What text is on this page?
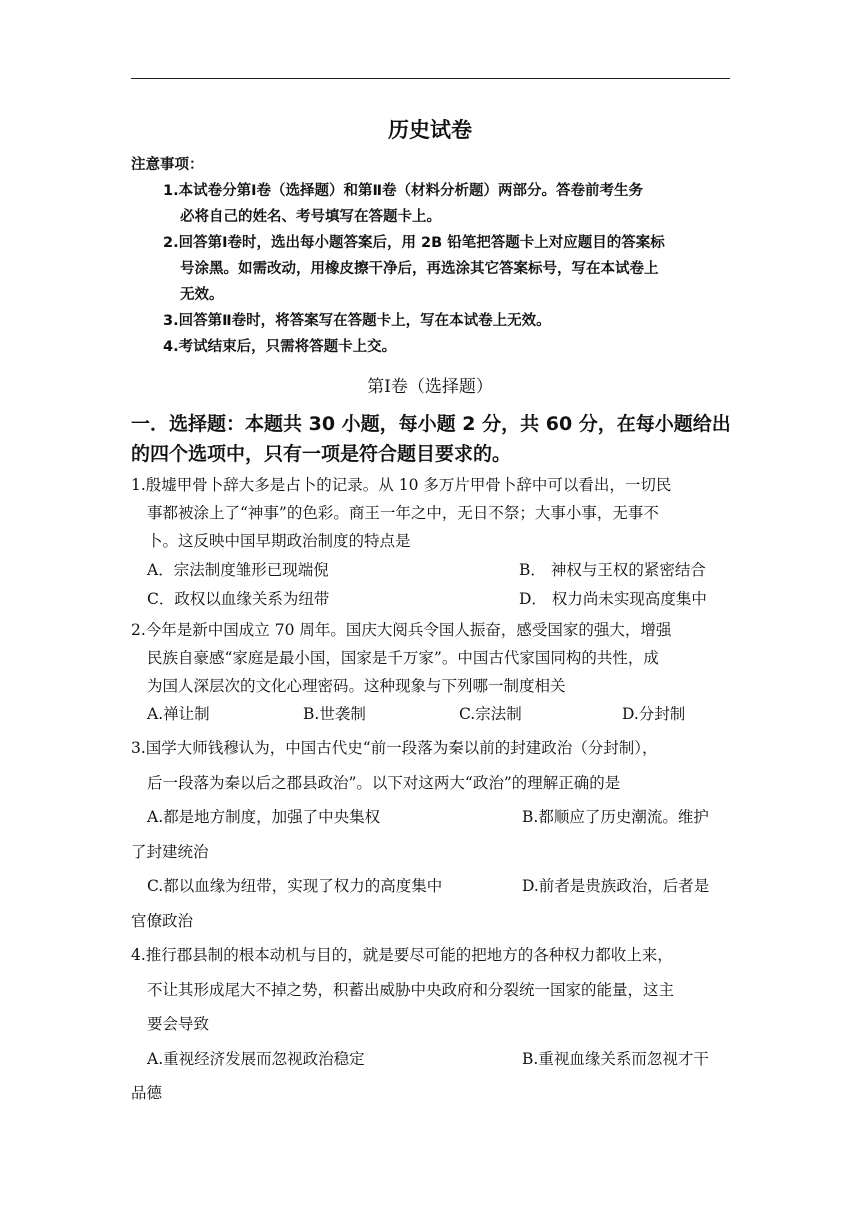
历史试卷
注意事项：
1.本试卷分第Ⅰ卷（选择题）和第Ⅱ卷（材料分析题）两部分。答卷前考生务
必将自己的姓名、考号填写在答题卡上。
2.回答第Ⅰ卷时，选出每小题答案后，用 2B 铅笔把答题卡上对应题目的答案标
号涂黑。如需改动，用橡皮擦干净后，再选涂其它答案标号，写在本试卷上
无效。
3.回答第Ⅱ卷时，将答案写在答题卡上，写在本试卷上无效。
4.考试结束后，只需将答题卡上交。
第Ⅰ卷（选择题）
一．选择题：本题共 30 小题，每小题 2 分，共 60 分，在每小题给出
的四个选项中，只有一项是符合题目要求的。
1.殷墟甲骨卜辞大多是占卜的记录。从 10 多万片甲骨卜辞中可以看出，一切民
事都被涂上了“神事”的色彩。商王一年之中，无日不祭；大事小事，无事不
卜。这反映中国早期政治制度的特点是
A．宗法制度雏形已现端倪	B． 神权与王权的紧密结合
C．政权以血缘关系为纽带	D． 权力尚未实现高度集中
2.今年是新中国成立 70 周年。国庆大阅兵令国人振奋，感受国家的强大，增强
民族自豪感“家庭是最小国，国家是千万家”。中国古代家国同构的共性，成
为国人深层次的文化心理密码。这种现象与下列哪一制度相关
A.禅让制	B.世袭制	C.宗法制	D.分封制
3.国学大师钱穆认为，中国古代史“前一段落为秦以前的封建政治（分封制），
后一段落为秦以后之郡县政治”。以下对这两大“政治”的理解正确的是
A.都是地方制度，加强了中央集权	B.都顺应了历史潮流。维护
了封建统治
C.都以血缘为纽带，实现了权力的高度集中	D.前者是贵族政治，后者是
官僚政治
4.推行郡县制的根本动机与目的，就是要尽可能的把地方的各种权力都收上来，
不让其形成尾大不掉之势，积蓄出威胁中央政府和分裂统一国家的能量，这主
要会导致
A.重视经济发展而忽视政治稳定	B.重视血缘关系而忽视才干
品德
